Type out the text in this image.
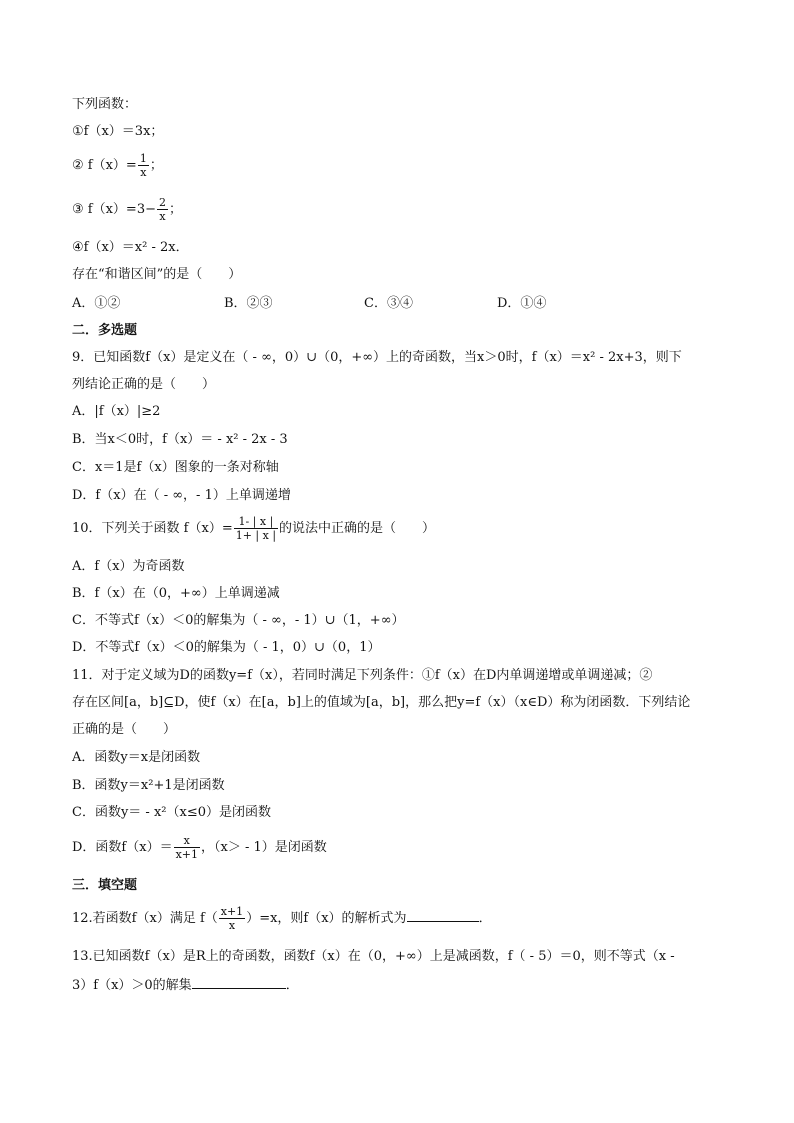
下列函数：
①f（x）＝3x；
② $f(x)= \frac{1}{x}$ ；
③ $f(x)=3- \frac{2}{x}$ ；
④f（x）＝x² - 2x．
存在“和谐区间”的是（　　）
A．①②	B．②③	C．③④	D．①④
二．多选题
9．已知函数f（x）是定义在（ - ∞，0）∪（0，+∞）上的奇函数，当x＞0时，f（x）＝x² - 2x+3，则下
列结论正确的是（　　）
A．|f（x）|≥2
B．当x＜0时，f（x）＝ - x² - 2x - 3
C．x＝1是f（x）图象的一条对称轴
D．f（x）在（ - ∞，- 1）上单调递增
10．下列关于函数 $f(x)= \frac{1- | x |}{1+ | x |}$ 的说法中正确的是（　　）
A．f（x）为奇函数
B．f（x）在（0，+∞）上单调递减
C．不等式f（x）＜0的解集为（ - ∞，- 1）∪（1，+∞）
D．不等式f（x）＜0的解集为（ - 1，0）∪（0，1）
11．对于定义域为D的函数y=f（x），若同时满足下列条件：①f（x）在D内单调递增或单调递减；②
存在区间[a，b]⊆D，使f（x）在[a，b]上的值域为[a，b]，那么把y=f（x）（x∈D）称为闭函数．下列结论
正确的是（　　）
A．函数y＝x是闭函数
B．函数y＝x²+1是闭函数
C．函数y＝ - x²（x≤0）是闭函数
D．函数$f(x)= \frac{x}{x+1}$ ，（x＞ - 1）是闭函数
三．填空题
12.若函数f（x）满足 $f( \frac{x+1}{x} )=x$，则f（x）的解析式为	．
13.已知函数f（x）是R上的奇函数，函数f（x）在（0，+∞）上是减函数，f（ - 5）＝0，则不等式（x -
3）f（x）＞0的解集	．
